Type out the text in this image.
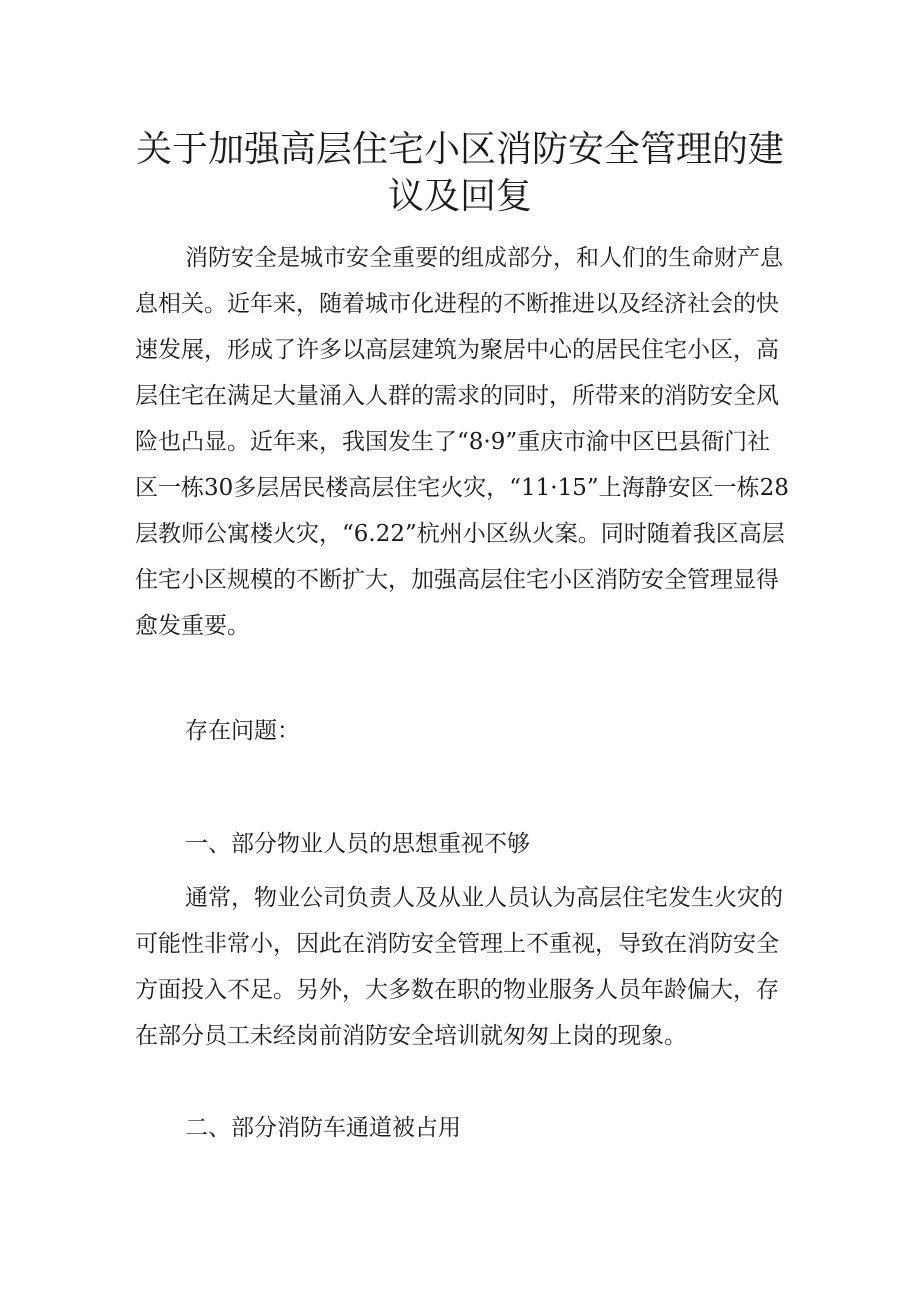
关于加强高层住宅小区消防安全管理的建议及回复

消防安全是城市安全重要的组成部分，和人们的生命财产息息相关。近年来，随着城市化进程的不断推进以及经济社会的快速发展，形成了许多以高层建筑为聚居中心的居民住宅小区，高层住宅在满足大量涌入人群的需求的同时，所带来的消防安全风险也凸显。近年来，我国发生了“8·9”重庆市渝中区巴县衙门社区一栋30多层居民楼高层住宅火灾，“11·15”上海静安区一栋28层教师公寓楼火灾，“6.22”杭州小区纵火案。同时随着我区高层住宅小区规模的不断扩大，加强高层住宅小区消防安全管理显得愈发重要。

存在问题：

一、部分物业人员的思想重视不够

通常，物业公司负责人及从业人员认为高层住宅发生火灾的可能性非常小，因此在消防安全管理上不重视，导致在消防安全方面投入不足。另外，大多数在职的物业服务人员年龄偏大，存在部分员工未经岗前消防安全培训就匆匆上岗的现象。

二、部分消防车通道被占用
